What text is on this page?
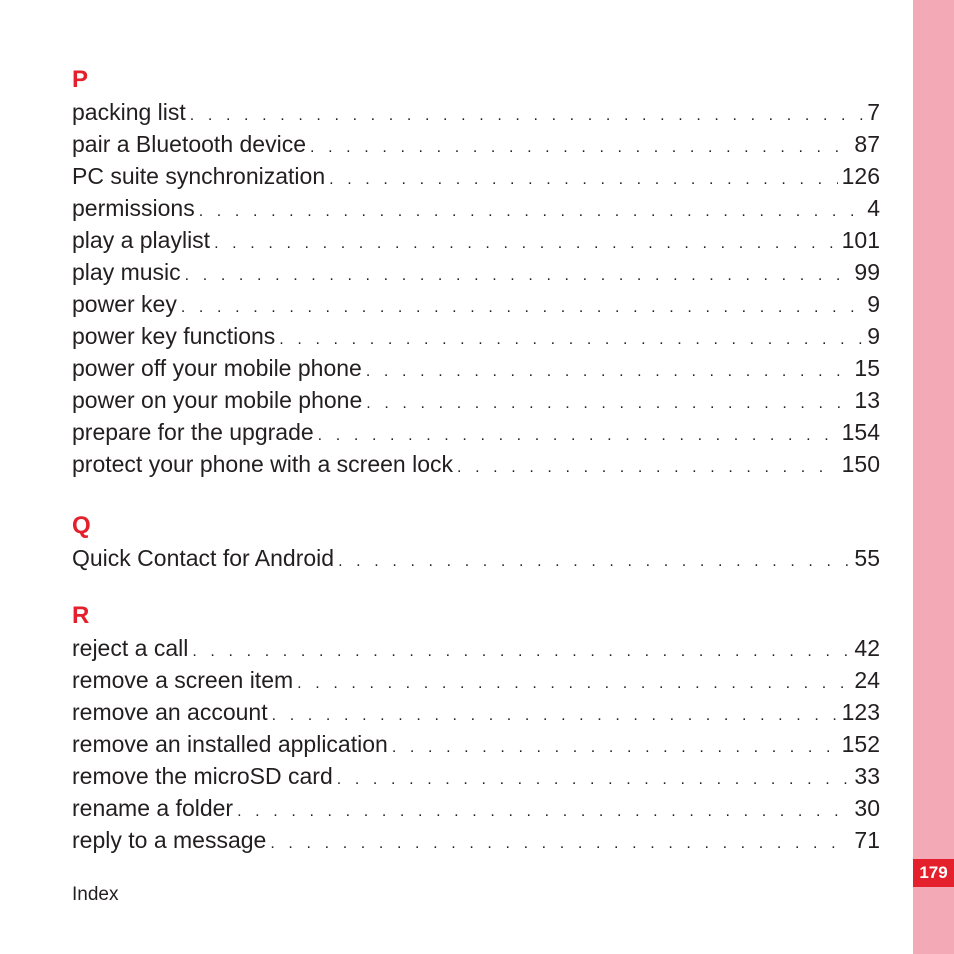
179
P
packing list . . .	7
pair a Bluetooth device . . .	87
PC suite synchronization . . .	126
permissions . . .	4
play a playlist . . .	101
play music . . .	99
power key . . .	9
power key functions . . .	9
power off your mobile phone . . .	15
power on your mobile phone . . .	13
prepare for the upgrade . . .	154
protect your phone with a screen lock . . .	150
Q
Quick Contact for Android . . .	55
R
reject a call . . .	42
remove a screen item . . .	24
remove an account . . .	123
remove an installed application . . .	152
remove the microSD card . . .	33
rename a folder . . .	30
reply to a message . . .	71
Index
